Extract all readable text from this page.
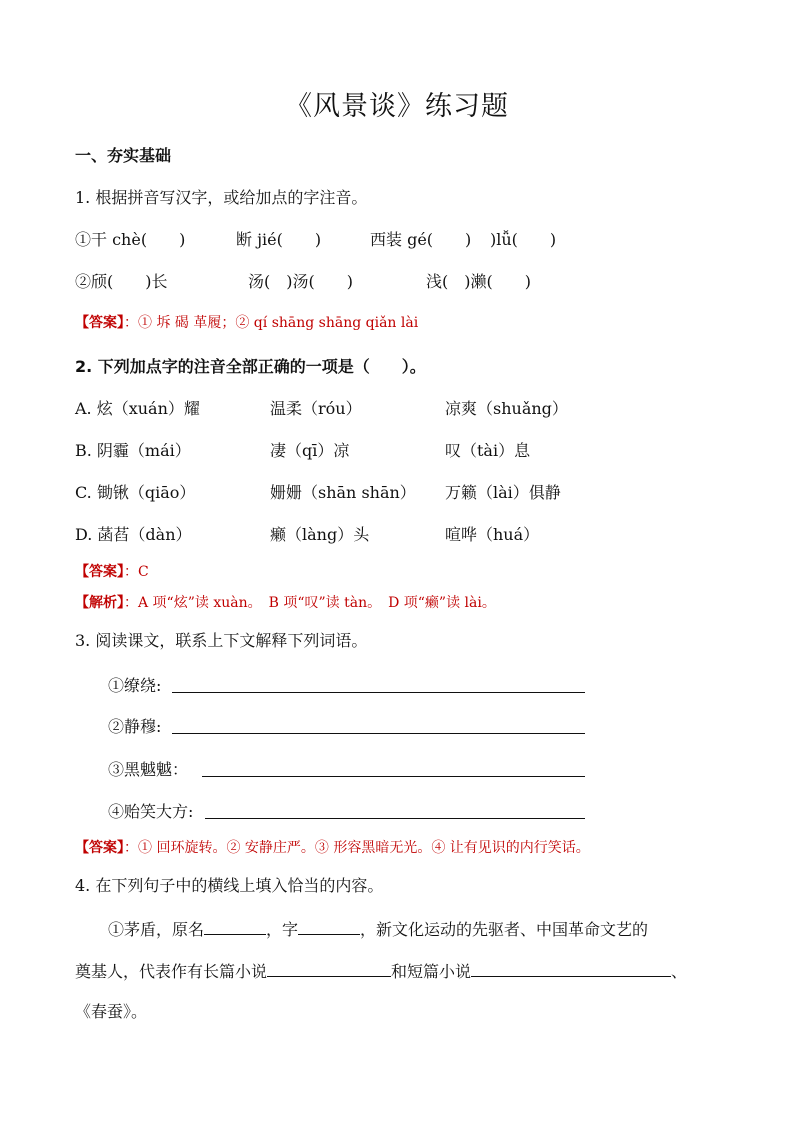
《风景谈》练习题
一、夯实基础
1. 根据拼音写汉字，或给加点的字注音。
①干 chè(　　)	断 jié(　　)	西装 gé(　　) )lǚ(　　)
②颀(　　)长	汤(　)汤(　　)	浅(　)濑(　　)
【答案】：① 坼 碣 革履；② qí shāng shāng qiǎn lài
2. 下列加点字的注音全部正确的一项是（　　）。
A. 炫（xuán）耀	温柔（róu）	凉爽（shuǎng）
B. 阴霾（mái）	凄（qī）凉	叹（tài）息
C. 锄锹（qiāo）	姗姗（shān shān） 万籁（lài）俱静
D. 菡萏（dàn）	癞（làng）头	喧哗（huá）
【答案】：C
【解析】：A 项“炫”读 xuàn。　B 项“叹”读 tàn。　D 项“癞”读 lài。
3. 阅读课文，联系上下文解释下列词语。
①缭绕:
②静穆:
③黑魆魆：
④贻笑大方:
【答案】：① 回环旋转。② 安静庄严。③ 形容黑暗无光。④ 让有见识的内行笑话。
4. 在下列句子中的横线上填入恰当的内容。
①茅盾，原名	，字	，新文化运动的先驱者、中国革命文艺的
奠基人，代表作有长篇小说	和短篇小说	、
《春蚕》。
